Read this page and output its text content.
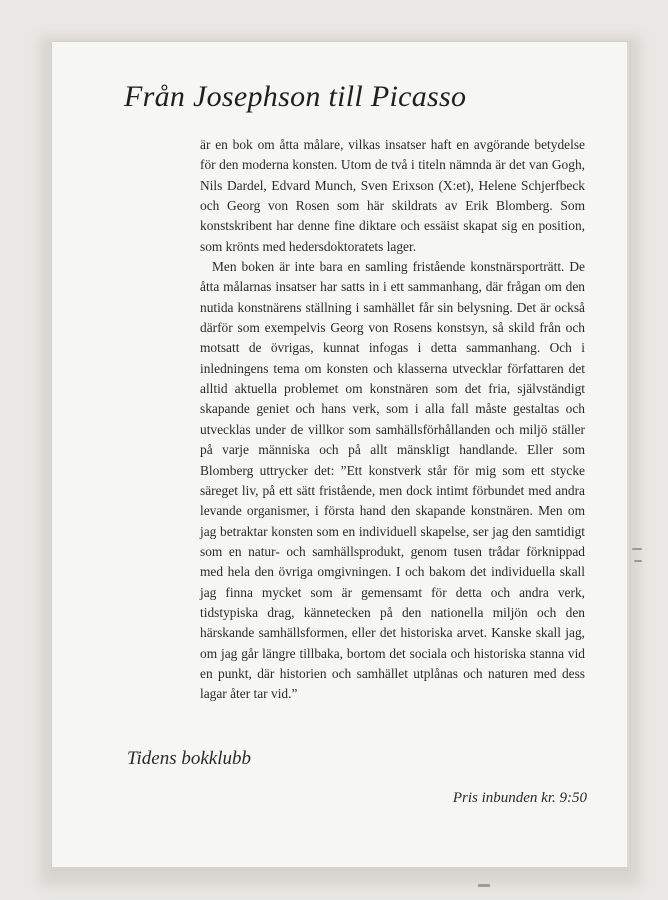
Från Josephson till Picasso

är en bok om åtta målare, vilkas insatser haft en avgörande betydelse för den moderna konsten. Utom de två i titeln nämnda är det van Gogh, Nils Dardel, Edvard Munch, Sven Erixson (X:et), Helene Schjerfbeck och Georg von Rosen som här skildrats av Erik Blomberg. Som konstskribent har denne fine diktare och essäist skapat sig en position, som krönts med hedersdoktoratets lager.

Men boken är inte bara en samling fristående konstnärsporträtt. De åtta målarnas insatser har satts in i ett sammanhang, där frågan om den nutida konstnärens ställning i samhället får sin belysning. Det är också därför som exempelvis Georg von Rosens konstsyn, så skild från och motsatt de övrigas, kunnat infogas i detta sammanhang. Och i inledningens tema om konsten och klasserna utvecklar författaren det alltid aktuella problemet om konstnären som det fria, självständigt skapande geniet och hans verk, som i alla fall måste gestaltas och utvecklas under de villkor som samhällsförhållanden och miljö ställer på varje människa och på allt mänskligt handlande. Eller som Blomberg uttrycker det: ”Ett konstverk står för mig som ett stycke säreget liv, på ett sätt fristående, men dock intimt förbundet med andra levande organismer, i första hand den skapande konstnären. Men om jag betraktar konsten som en individuell skapelse, ser jag den samtidigt som en natur- och samhällsprodukt, genom tusen trådar förknippad med hela den övriga omgivningen. I och bakom det individuella skall jag finna mycket som är gemensamt för detta och andra verk, tidstypiska drag, kännetecken på den nationella miljön och den härskande samhällsformen, eller det historiska arvet. Kanske skall jag, om jag går längre tillbaka, bortom det sociala och historiska stanna vid en punkt, där historien och samhället utplånas och naturen med dess lagar åter tar vid.”

Tidens bokklubb

Pris inbunden kr. 9:50
